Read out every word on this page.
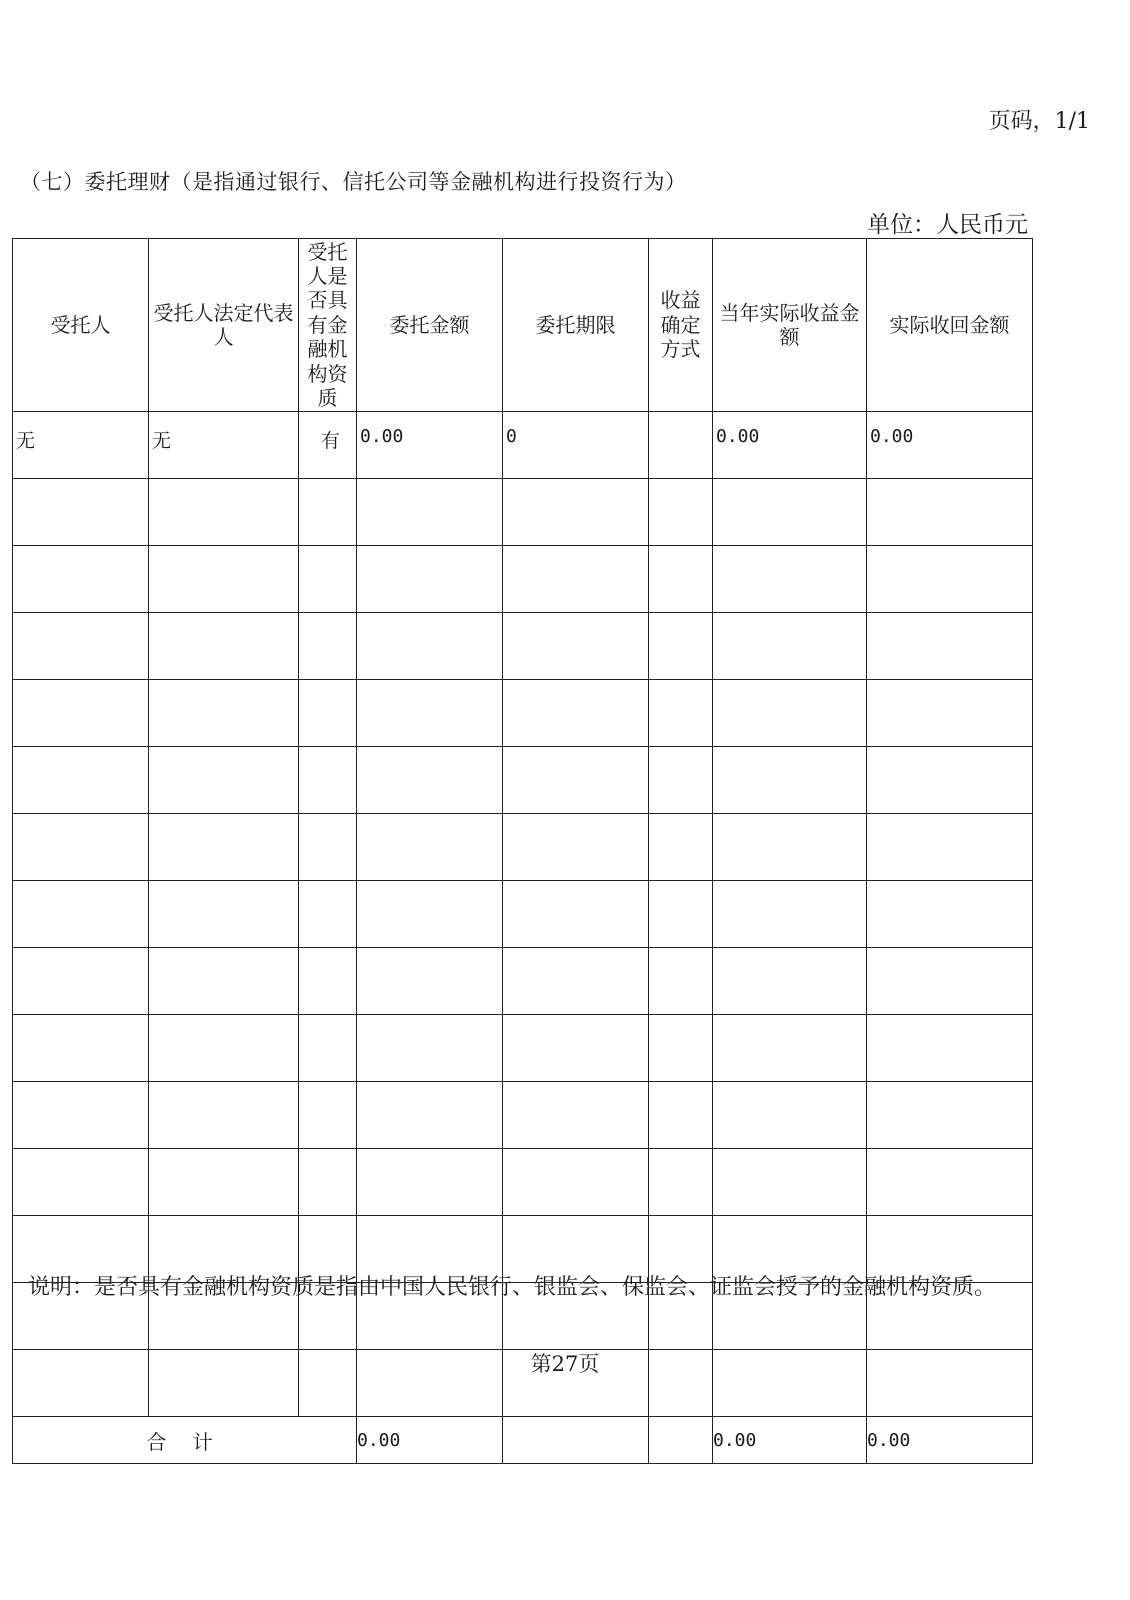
页码，1/1
（七）委托理财（是指通过银行、信托公司等金融机构进行投资行为）
单位：人民币元
受托人	受托人法定代表人	受托人是否具有金融机构资质	委托金额	委托期限	收益确定方式	当年实际收益金额	实际收回金额
无	无	有	0.00	0		0.00	0.00

合 计			0.00			0.00	0.00
说明：是否具有金融机构资质是指由中国人民银行、银监会、保监会、证监会授予的金融机构资质。
第27页
